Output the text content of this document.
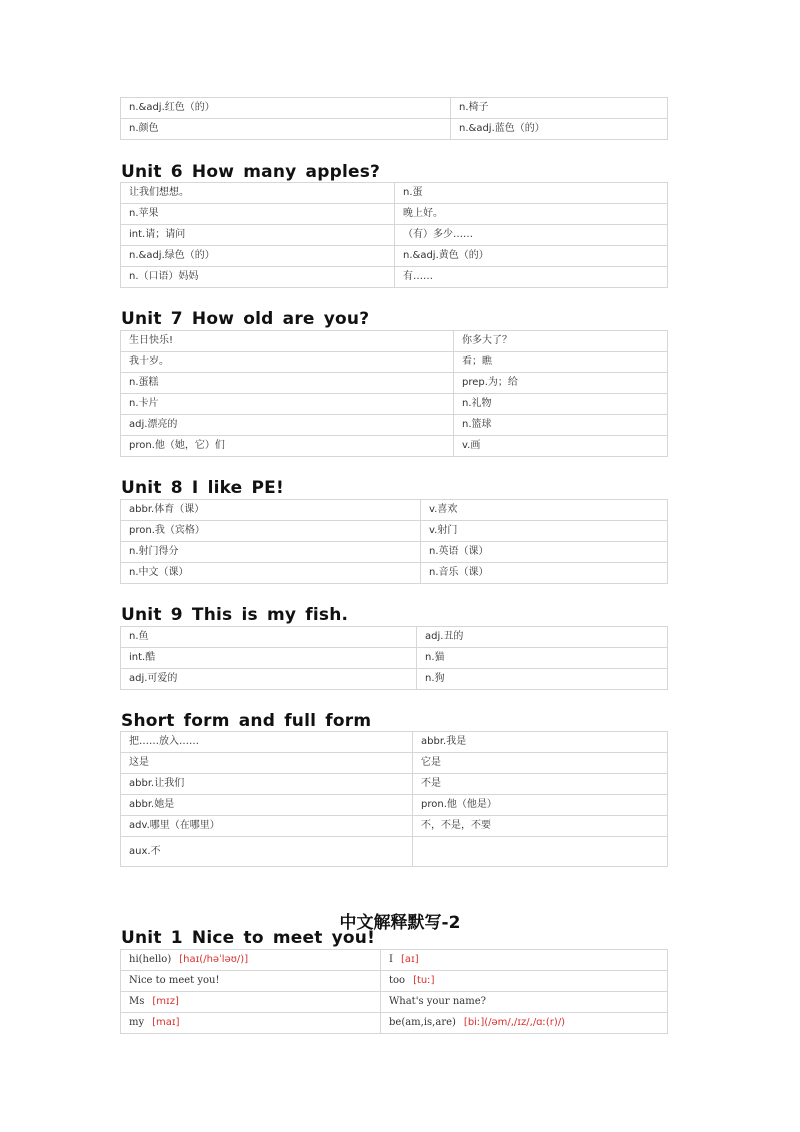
n.&adj.红色（的）	n.椅子
n.颜色	n.&adj.蓝色（的）
Unit 6 How many apples?
让我们想想。	n.蛋
n.苹果	晚上好。
int.请；请问	（有）多少……
n.&adj.绿色（的）	n.&adj.黄色（的）
n.（口语）妈妈	有……
Unit 7 How old are you?
生日快乐!	你多大了？
我十岁。	看；瞧
n.蛋糕	prep.为；给
n.卡片	n.礼物
adj.漂亮的	n.篮球
pron.他（她，它）们	v.画
Unit 8 I like PE!
abbr.体育（课）	v.喜欢
pron.我（宾格）	v.射门
n.射门得分	n.英语（课）
n.中文（课）	n.音乐（课）
Unit 9 This is my fish.
n.鱼	adj.丑的
int.酷	n.猫
adj.可爱的	n.狗
Short form and full form
把……放入……	abbr.我是
这是	它是
abbr.让我们	不是
abbr.她是	pron.他（他是）
adv.哪里（在哪里）	不，不是，不要
aux.不	
中文解释默写-2
Unit 1 Nice to meet you!
hi(hello) [haɪ(/həˈləʊ/)]	I [aɪ]
Nice to meet you!	too [tuː]
Ms [mɪz]	What's your name?
my [maɪ]	be(am,is,are) [biː](/əm/,/ɪz/,/ɑː(r)/)
